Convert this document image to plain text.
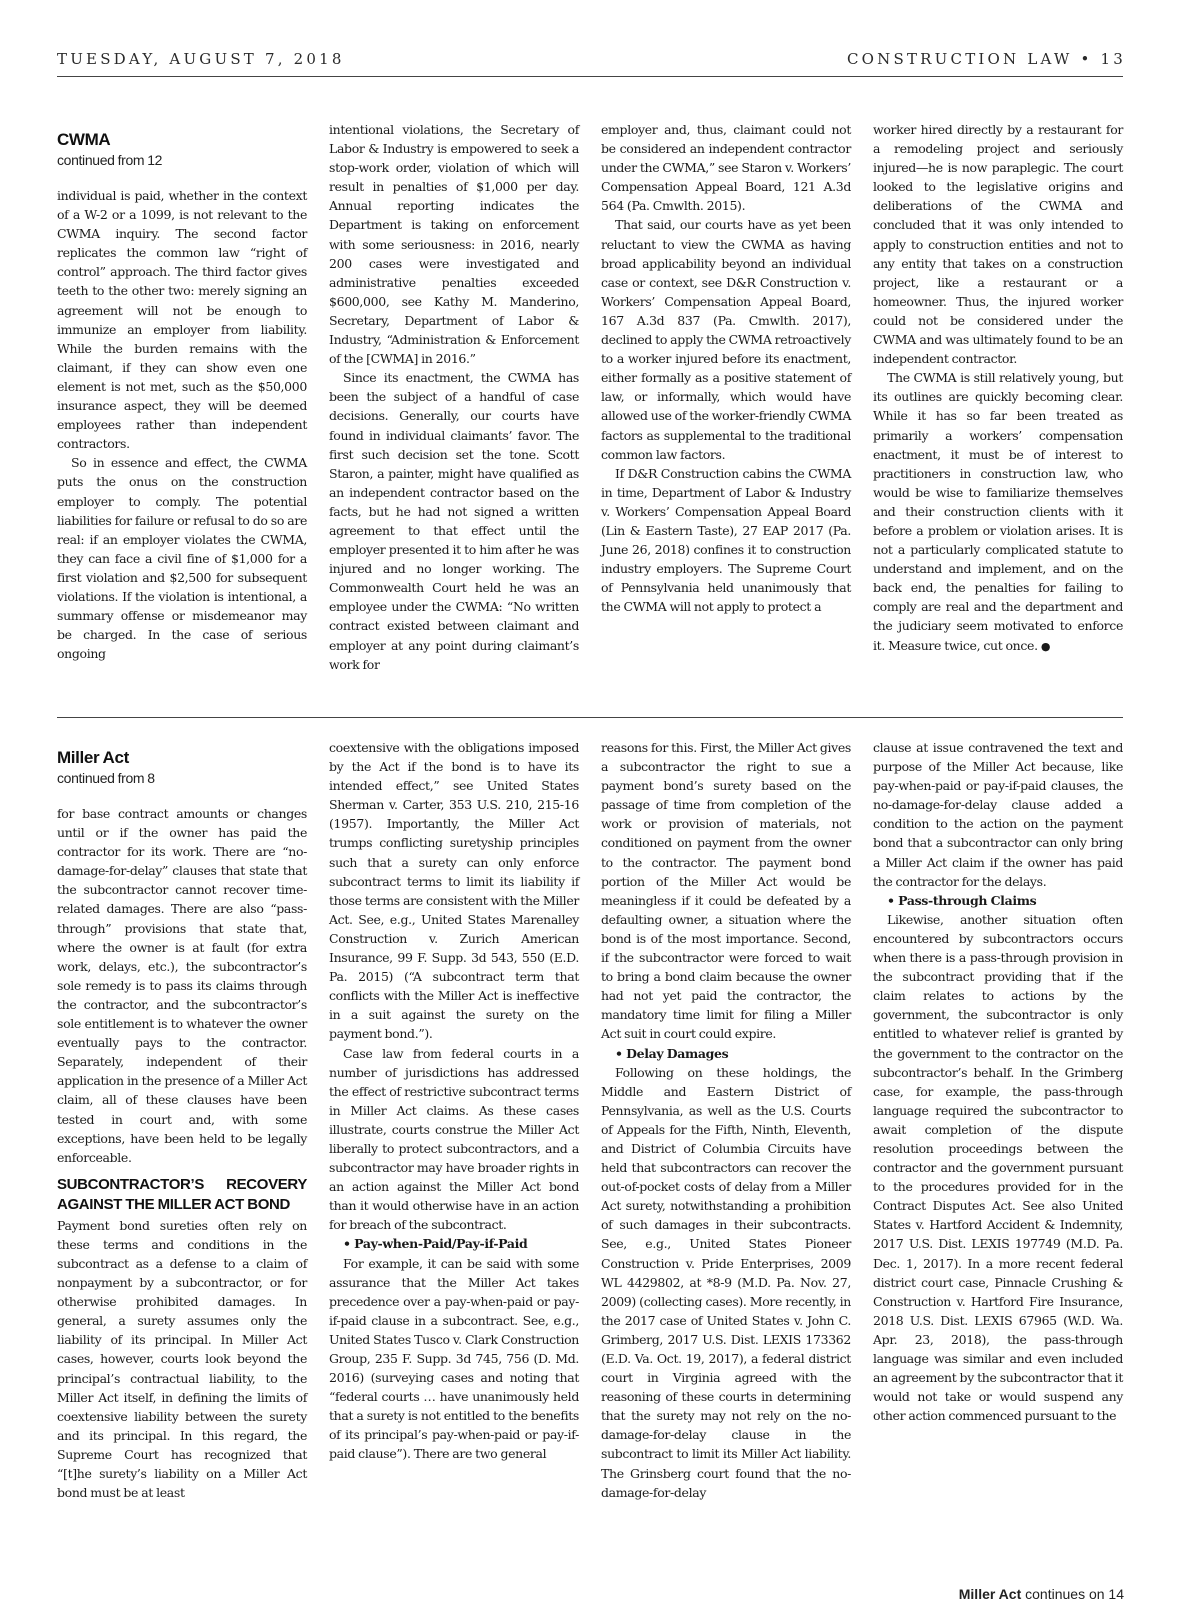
TUESDAY, AUGUST 7, 2018	CONSTRUCTION LAW • 13
CWMA
continued from 12

individual is paid, whether in the context of a W-2 or a 1099, is not relevant to the CWMA inquiry. The second factor replicates the common law “right of control” approach. The third factor gives teeth to the other two: merely signing an agreement will not be enough to immunize an employer from liability. While the burden remains with the claimant, if they can show even one element is not met, such as the $50,000 insurance aspect, they will be deemed employees rather than independent contractors.

So in essence and effect, the CWMA puts the onus on the construction employer to comply. The potential liabilities for failure or refusal to do so are real: if an employer violates the CWMA, they can face a civil fine of $1,000 for a first violation and $2,500 for subsequent violations. If the violation is intentional, a summary offense or misdemeanor may be charged. In the case of serious ongoing

intentional violations, the Secretary of Labor & Industry is empowered to seek a stop-work order, violation of which will result in penalties of $1,000 per day. Annual reporting indicates the Department is taking on enforcement with some seriousness: in 2016, nearly 200 cases were investigated and administrative penalties exceeded $600,000, see Kathy M. Manderino, Secretary, Department of Labor & Industry, “Administration & Enforcement of the [CWMA] in 2016.”

Since its enactment, the CWMA has been the subject of a handful of case decisions. Generally, our courts have found in individual claimants’ favor. The first such decision set the tone. Scott Staron, a painter, might have qualified as an independent contractor based on the facts, but he had not signed a written agreement to that effect until the employer presented it to him after he was injured and no longer working. The Commonwealth Court held he was an employee under the CWMA: “No written contract existed between claimant and employer at any point during claimant’s work for

employer and, thus, claimant could not be considered an independent contractor under the CWMA,” see Staron v. Workers’ Compensation Appeal Board, 121 A.3d 564 (Pa. Cmwlth. 2015).

That said, our courts have as yet been reluctant to view the CWMA as having broad applicability beyond an individual case or context, see D&R Construction v. Workers’ Compensation Appeal Board, 167 A.3d 837 (Pa. Cmwlth. 2017), declined to apply the CWMA retroactively to a worker injured before its enactment, either formally as a positive statement of law, or informally, which would have allowed use of the worker-friendly CWMA factors as supplemental to the traditional common law factors.

If D&R Construction cabins the CWMA in time, Department of Labor & Industry v. Workers’ Compensation Appeal Board (Lin & Eastern Taste), 27 EAP 2017 (Pa. June 26, 2018) confines it to construction industry employers. The Supreme Court of Pennsylvania held unanimously that the CWMA will not apply to protect a

worker hired directly by a restaurant for a remodeling project and seriously injured—he is now paraplegic. The court looked to the legislative origins and deliberations of the CWMA and concluded that it was only intended to apply to construction entities and not to any entity that takes on a construction project, like a restaurant or a homeowner. Thus, the injured worker could not be considered under the CWMA and was ultimately found to be an independent contractor.

The CWMA is still relatively young, but its outlines are quickly becoming clear. While it has so far been treated as primarily a workers’ compensation enactment, it must be of interest to practitioners in construction law, who would be wise to familiarize themselves and their construction clients with it before a problem or violation arises. It is not a particularly complicated statute to understand and implement, and on the back end, the penalties for failing to comply are real and the department and the judiciary seem motivated to enforce it. Measure twice, cut once. ●

Miller Act
continued from 8

for base contract amounts or changes until or if the owner has paid the contractor for its work. There are “no-damage-for-delay” clauses that state that the subcontractor cannot recover time-related damages. There are also “pass-through” provisions that state that, where the owner is at fault (for extra work, delays, etc.), the subcontractor’s sole remedy is to pass its claims through the contractor, and the subcontractor’s sole entitlement is to whatever the owner eventually pays to the contractor. Separately, independent of their application in the presence of a Miller Act claim, all of these clauses have been tested in court and, with some exceptions, have been held to be legally enforceable.

SUBCONTRACTOR’S RECOVERY AGAINST THE MILLER ACT BOND

Payment bond sureties often rely on these terms and conditions in the subcontract as a defense to a claim of nonpayment by a subcontractor, or for otherwise prohibited damages. In general, a surety assumes only the liability of its principal. In Miller Act cases, however, courts look beyond the principal’s contractual liability, to the Miller Act itself, in defining the limits of coextensive liability between the surety and its principal. In this regard, the Supreme Court has recognized that “[t]he surety’s liability on a Miller Act bond must be at least

coextensive with the obligations imposed by the Act if the bond is to have its intended effect,” see United States Sherman v. Carter, 353 U.S. 210, 215-16 (1957). Importantly, the Miller Act trumps conflicting suretyship principles such that a surety can only enforce subcontract terms to limit its liability if those terms are consistent with the Miller Act. See, e.g., United States Marenalley Construction v. Zurich American Insurance, 99 F. Supp. 3d 543, 550 (E.D. Pa. 2015) (“A subcontract term that conflicts with the Miller Act is ineffective in a suit against the surety on the payment bond.”).

Case law from federal courts in a number of jurisdictions has addressed the effect of restrictive subcontract terms in Miller Act claims. As these cases illustrate, courts construe the Miller Act liberally to protect subcontractors, and a subcontractor may have broader rights in an action against the Miller Act bond than it would otherwise have in an action for breach of the subcontract.

• Pay-when-Paid/Pay-if-Paid

For example, it can be said with some assurance that the Miller Act takes precedence over a pay-when-paid or pay-if-paid clause in a subcontract. See, e.g., United States Tusco v. Clark Construction Group, 235 F. Supp. 3d 745, 756 (D. Md. 2016) (surveying cases and noting that “federal courts … have unanimously held that a surety is not entitled to the benefits of its principal’s pay-when-paid or pay-if-paid clause”). There are two general

reasons for this. First, the Miller Act gives a subcontractor the right to sue a payment bond’s surety based on the passage of time from completion of the work or provision of materials, not conditioned on payment from the owner to the contractor. The payment bond portion of the Miller Act would be meaningless if it could be defeated by a defaulting owner, a situation where the bond is of the most importance. Second, if the subcontractor were forced to wait to bring a bond claim because the owner had not yet paid the contractor, the mandatory time limit for filing a Miller Act suit in court could expire.

• Delay Damages

Following on these holdings, the Middle and Eastern District of Pennsylvania, as well as the U.S. Courts of Appeals for the Fifth, Ninth, Eleventh, and District of Columbia Circuits have held that subcontractors can recover the out-of-pocket costs of delay from a Miller Act surety, notwithstanding a prohibition of such damages in their subcontracts. See, e.g., United States Pioneer Construction v. Pride Enterprises, 2009 WL 4429802, at *8-9 (M.D. Pa. Nov. 27, 2009) (collecting cases). More recently, in the 2017 case of United States v. John C. Grimberg, 2017 U.S. Dist. LEXIS 173362 (E.D. Va. Oct. 19, 2017), a federal district court in Virginia agreed with the reasoning of these courts in determining that the surety may not rely on the no-damage-for-delay clause in the subcontract to limit its Miller Act liability. The Grinsberg court found that the no-damage-for-delay

clause at issue contravened the text and purpose of the Miller Act because, like pay-when-paid or pay-if-paid clauses, the no-damage-for-delay clause added a condition to the action on the payment bond that a subcontractor can only bring a Miller Act claim if the owner has paid the contractor for the delays.

• Pass-through Claims

Likewise, another situation often encountered by subcontractors occurs when there is a pass-through provision in the subcontract providing that if the claim relates to actions by the government, the subcontractor is only entitled to whatever relief is granted by the government to the contractor on the subcontractor’s behalf. In the Grimberg case, for example, the pass-through language required the subcontractor to await completion of the dispute resolution proceedings between the contractor and the government pursuant to the procedures provided for in the Contract Disputes Act. See also United States v. Hartford Accident & Indemnity, 2017 U.S. Dist. LEXIS 197749 (M.D. Pa. Dec. 1, 2017). In a more recent federal district court case, Pinnacle Crushing & Construction v. Hartford Fire Insurance, 2018 U.S. Dist. LEXIS 67965 (W.D. Wa. Apr. 23, 2018), the pass-through language was similar and even included an agreement by the subcontractor that it would not take or would suspend any other action commenced pursuant to the

Miller Act continues on 14
